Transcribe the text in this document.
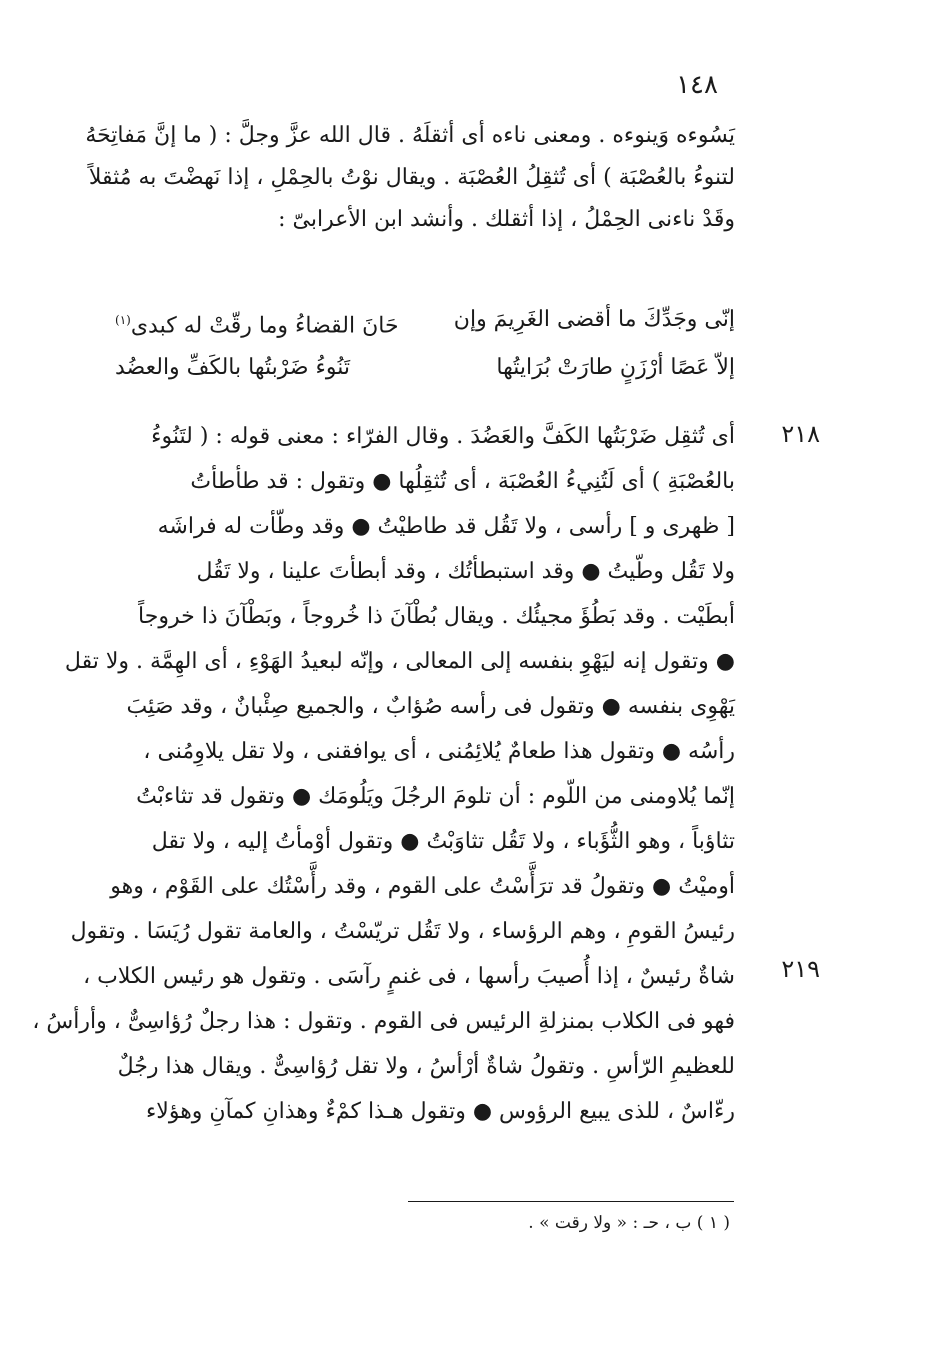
١٤٨
يَسُوءه وَينوءه . ومعنى ناءه أى أثقلَهُ . قال الله عزَّ وجلَّ : ( ما إنَّ مَفاتِحَهُ
لتنوءُ بالعُصْبَة ) أى تُثقِلُ العُصْبَة . ويقال نوْتُ بالحِمْلِ ، إذا نَهضْتَ به مُثقلاً
وقَدْ ناءنى الحِمْلُ ، إذا أثقلك . وأنشد ابن الأعرابىّ :
إنّى وجَدِّكَ ما أقضى الغَرِيمَ وإن
حَانَ القضاءُ وما رقّتْ له كبدى$^{(١)}$
إلاّ عَصًا أرْزَنٍ طارَتْ بُرَايتُها
تَنُوءُ ضَرْبتُها بالكَفِّ والعضُد
٢١٨
٢١٩
أى تُثقِل ضَرْبَتُها الكَفَّ والعَضُدَ . وقال الفرّاء : معنى قوله : ( لتَنُوءُ
بالعُصْبَةِ ) أى لَتُنِيءُ العُصْبَة ، أى تُثقِلُها ● وتقول : قد طأطأتُ
[ ظهرى و ] رأسى ، ولا تَقُل قد طاطيْتُ ● وقد وطّأت له فراشَه
ولا تَقُل وطّيتُ ● وقد استبطأتُك ، وقد أبطأتَ علينا ، ولا تَقُل
أبطَيْت . وقد بَطُؤَ مجيئُك . ويقال بُطْآنَ ذا خُروجاً ، وبَطْآنَ ذا خروجاً
● وتقول إنه ليَهْوِ بنفسه إلى المعالى ، وإنّه لبعيدُ الهَوْءِ ، أى الهِمَّة . ولا تقل
يَهْوِى بنفسه ● وتقول فى رأسه صُؤابٌ ، والجميع صِئْبانٌ ، وقد صَئِبَ
رأسُه ● وتقول هذا طعامٌ يُلائِمُنى ، أى يوافقنى ، ولا تقل يلاوِمُنى ،
إنّما يُلاومنى من اللّوم : أن تلومَ الرجُلَ ويَلُومَك ● وتقول قد تثاءبْتُ
تثاؤباً ، وهو الثُّؤَباء ، ولا تَقُل تثاوَبْتُ ● وتقول أوْمأتُ إليه ، ولا تقل
أوميْتُ ● وتقولُ قد ترَأَّسْتُ على القوم ، وقد رأَّسْتُك على القَوْم ، وهو
رئيسُ القومِ ، وهم الرؤساء ، ولا تَقُل تريّسْتُ ، والعامة تقول رُيَسَا . وتقول
شاةٌ رئيسٌ ، إذا أُصيبَ رأسها ، فى غنمٍ رآسَى . وتقول هو رئيس الكلاب ،
فهو فى الكلاب بمنزلةِ الرئيس فى القوم . وتقول : هذا رجلٌ رُؤاسِىٌّ ، وأرأسُ ،
للعظيمِ الرّأسِ . وتقولُ شاةٌ أرْأسُ ، ولا تقل رُؤاسِىٌّ . ويقال هذا رجُلٌ
رءّاسٌ ، للذى يبيع الرؤوس ● وتقول هـذا كمْءٌ وهذانِ كمآنِ وهؤلاء
( ١ ) ب ، حـ : « ولا رقت » .
